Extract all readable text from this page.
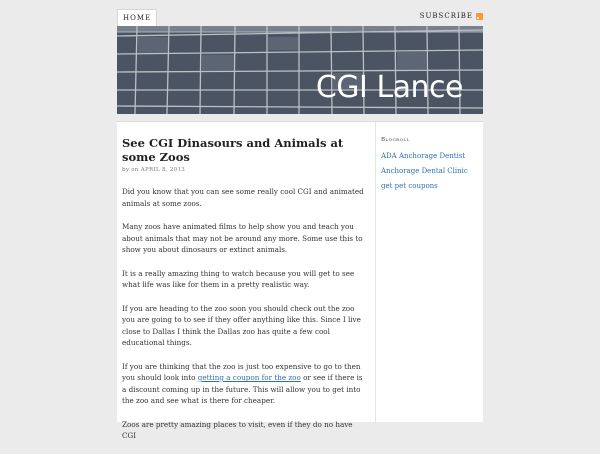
HOME	SUBSCRIBE
CGI Lance
See CGI Dinasours and Animals at some Zoos
by on APRIL 8, 2013

Did you know that you can see some really cool CGI and animated animals at some zoos.

Many zoos have animated films to help show you and teach you about animals that may not be around any more. Some use this to show you about dinosaurs or extinct animals.

It is a really amazing thing to watch because you will get to see what life was like for them in a pretty realistic way.

If you are heading to the zoo soon you should check out the zoo you are going to to see if they offer anything like this. Since I live close to Dallas I think the Dallas zoo has quite a few cool educational things.

If you are thinking that the zoo is just too expensive to go to then you should look into getting a coupon for the zoo or see if there is a discount coming up in the future. This will allow you to get into the zoo and see what is there for cheaper.

Zoos are pretty amazing places to visit, even if they do no have CGI

Blogroll
ADA Anchorage Dentist
Anchorage Dental Clinic
get pet coupons
